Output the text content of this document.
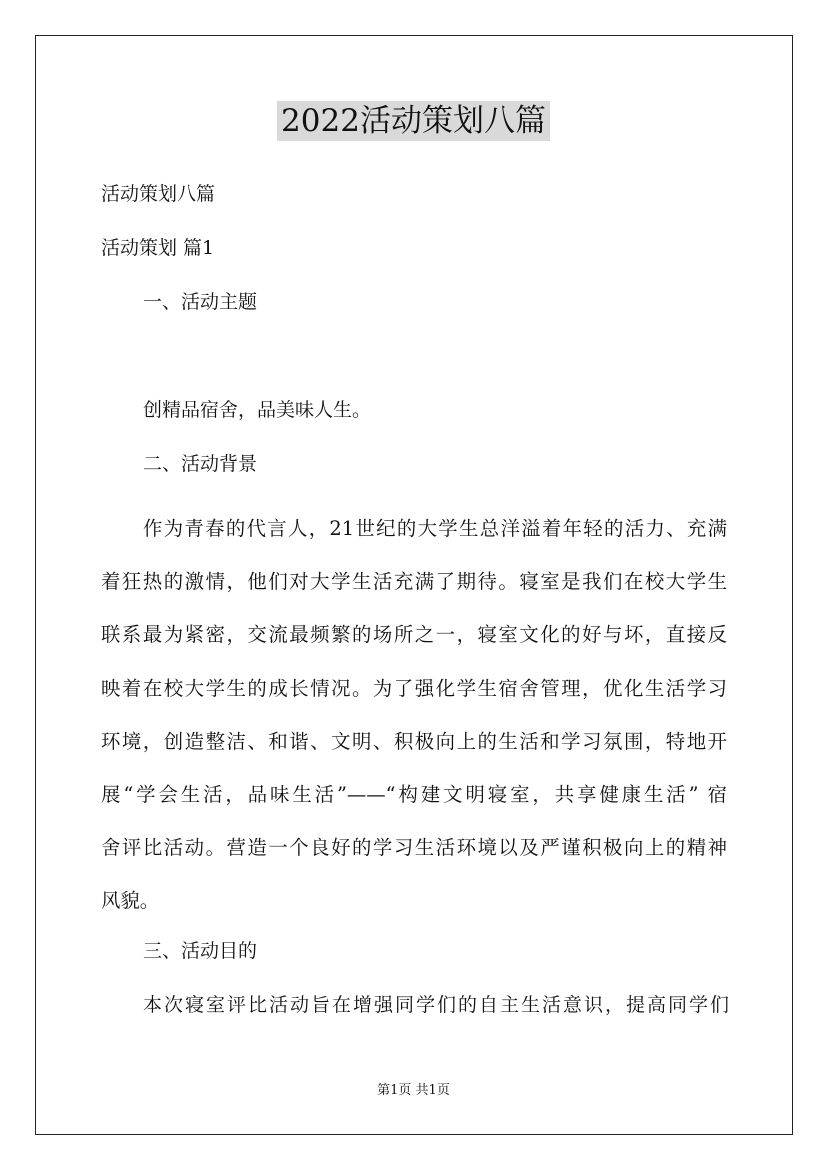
2022活动策划八篇
活动策划八篇
活动策划 篇1
一、活动主题
创精品宿舍，品美味人生。
二、活动背景
作为青春的代言人，21世纪的大学生总洋溢着年轻的活力、充满
着狂热的激情，他们对大学生活充满了期待。寝室是我们在校大学生
联系最为紧密，交流最频繁的场所之一，寝室文化的好与坏，直接反
映着在校大学生的成长情况。为了强化学生宿舍管理，优化生活学习
环境，创造整洁、和谐、文明、积极向上的生活和学习氛围，特地开
展“学会生活，品味生活”——“构建文明寝室，共享健康生活” 宿
舍评比活动。营造一个良好的学习生活环境以及严谨积极向上的精神
风貌。
三、活动目的
本次寝室评比活动旨在增强同学们的自主生活意识，提高同学们
第1页 共1页
